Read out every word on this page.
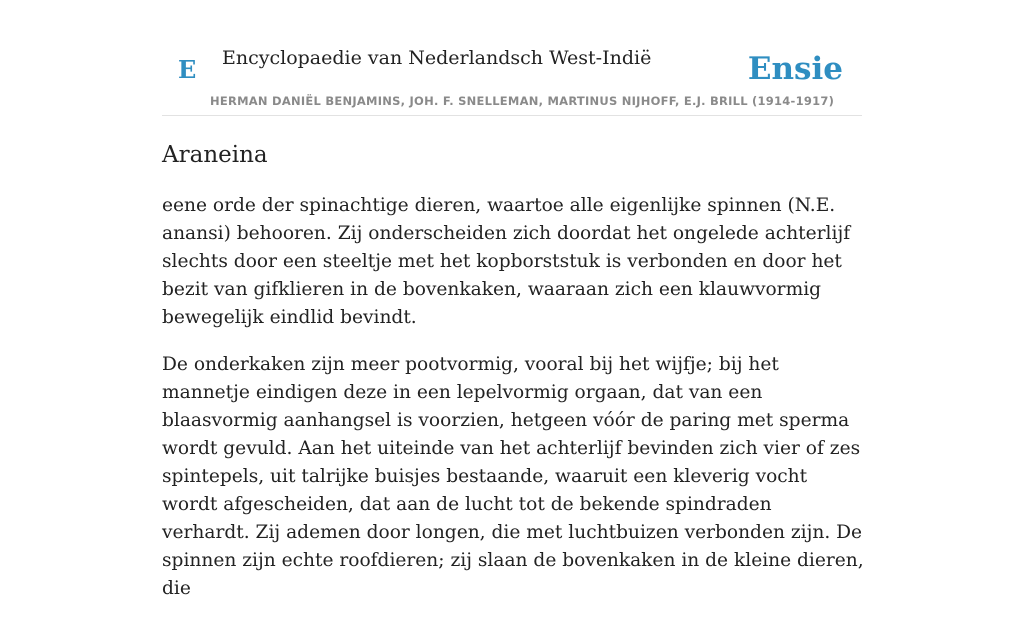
E Encyclopaedie van Nederlandsch West-Indië	Ensie
HERMAN DANIËL BENJAMINS, JOH. F. SNELLEMAN, MARTINUS NIJHOFF, E.J. BRILL (1914-1917)
Araneina

eene orde der spinachtige dieren, waartoe alle eigenlijke spinnen (N.E. anansi) behooren. Zij onderscheiden zich doordat het ongelede achterlijf slechts door een steeltje met het kopborststuk is verbonden en door het bezit van gifklieren in de bovenkaken, waaraan zich een klauwvormig bewegelijk eindlid bevindt.

De onderkaken zijn meer pootvormig, vooral bij het wijfje; bij het mannetje eindigen deze in een lepelvormig orgaan, dat van een blaasvormig aanhangsel is voorzien, hetgeen vóór de paring met sperma wordt gevuld. Aan het uiteinde van het achterlijf bevinden zich vier of zes spintepels, uit talrijke buisjes bestaande, waaruit een kleverig vocht wordt afgescheiden, dat aan de lucht tot de bekende spindraden verhardt. Zij ademen door longen, die met luchtbuizen verbonden zijn. De spinnen zijn echte roofdieren; zij slaan de bovenkaken in de kleine dieren, die
